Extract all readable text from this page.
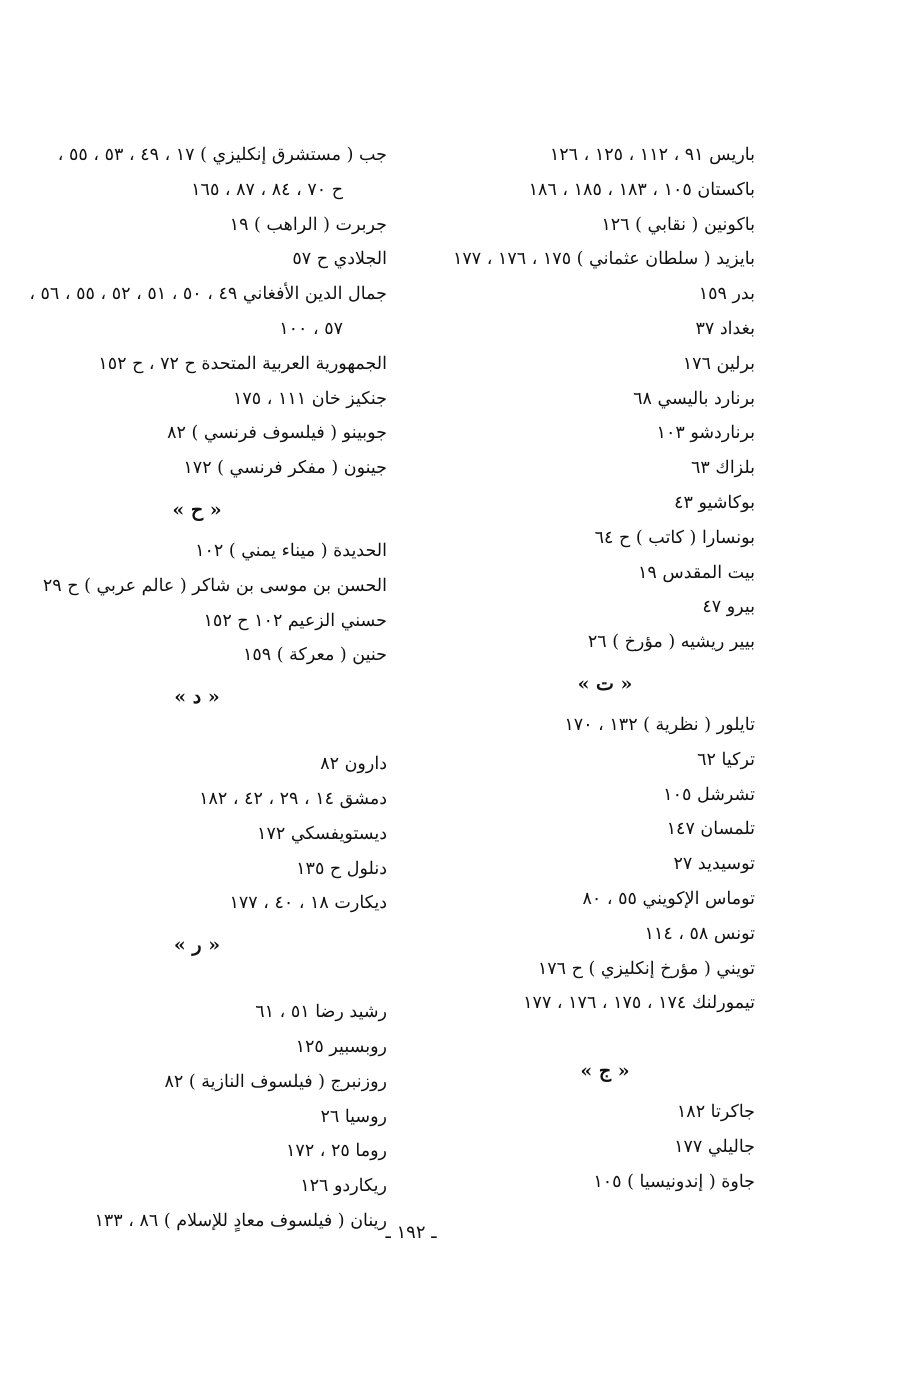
باريس ٩١ ، ١١٢ ، ١٢٥ ، ١٢٦
باكستان ١٠٥ ، ١٨٣ ، ١٨٥ ، ١٨٦
باكونين ( نقابي ) ١٢٦
بايزيد ( سلطان عثماني ) ١٧٥ ، ١٧٦ ، ١٧٧
بدر ١٥٩
بغداد ٣٧
برلين ١٧٦
برنارد باليسي ٦٨
برناردشو ١٠٣
بلزاك ٦٣
بوكاشيو ٤٣
بونسارا ( كاتب ) ح ٦٤
بيت المقدس ١٩
بيرو ٤٧
بيير ريشيه ( مؤرخ ) ٢٦
« ت »
تايلور ( نظرية ) ١٣٢ ، ١٧٠
تركيا ٦٢
تشرشل ١٠٥
تلمسان ١٤٧
توسيديد ٢٧
توماس الإكويني ٥٥ ، ٨٠
تونس ٥٨ ، ١١٤
تويني ( مؤرخ إنكليزي ) ح ١٧٦
تيمورلنك ١٧٤ ، ١٧٥ ، ١٧٦ ، ١٧٧
« ج »
جاكرتا ١٨٢
جاليلي ١٧٧
جاوة ( إندونيسيا ) ١٠٥
جب ( مستشرق إنكليزي ) ١٧ ، ٤٩ ، ٥٣ ، ٥٥ ،
ح ٧٠ ، ٨٤ ، ٨٧ ، ١٦٥
جربرت ( الراهب ) ١٩
الجلادي ح ٥٧
جمال الدين الأفغاني ٤٩ ، ٥٠ ، ٥١ ، ٥٢ ، ٥٥ ، ٥٦ ،
٥٧ ، ١٠٠
الجمهورية العربية المتحدة ح ٧٢ ، ح ١٥٢
جنكيز خان ١١١ ، ١٧٥
جوبينو ( فيلسوف فرنسي ) ٨٢
جينون ( مفكر فرنسي ) ١٧٢
« ح »
الحديدة ( ميناء يمني ) ١٠٢
الحسن بن موسى بن شاكر ( عالم عربي ) ح ٢٩
حسني الزعيم ١٠٢ ح ١٥٢
حنين ( معركة ) ١٥٩
« د »
دارون ٨٢
دمشق ١٤ ، ٢٩ ، ٤٢ ، ١٨٢
ديستويفسكي ١٧٢
دنلول ح ١٣٥
ديكارت ١٨ ، ٤٠ ، ١٧٧
« ر »
رشيد رضا ٥١ ، ٦١
روبسبير ١٢٥
روزنبرج ( فيلسوف النازية ) ٨٢
روسيا ٢٦
روما ٢٥ ، ١٧٢
ريكاردو ١٢٦
رينان ( فيلسوف معادٍ للإسلام ) ٨٦ ، ١٣٣
ـ ١٩٢ ـ
